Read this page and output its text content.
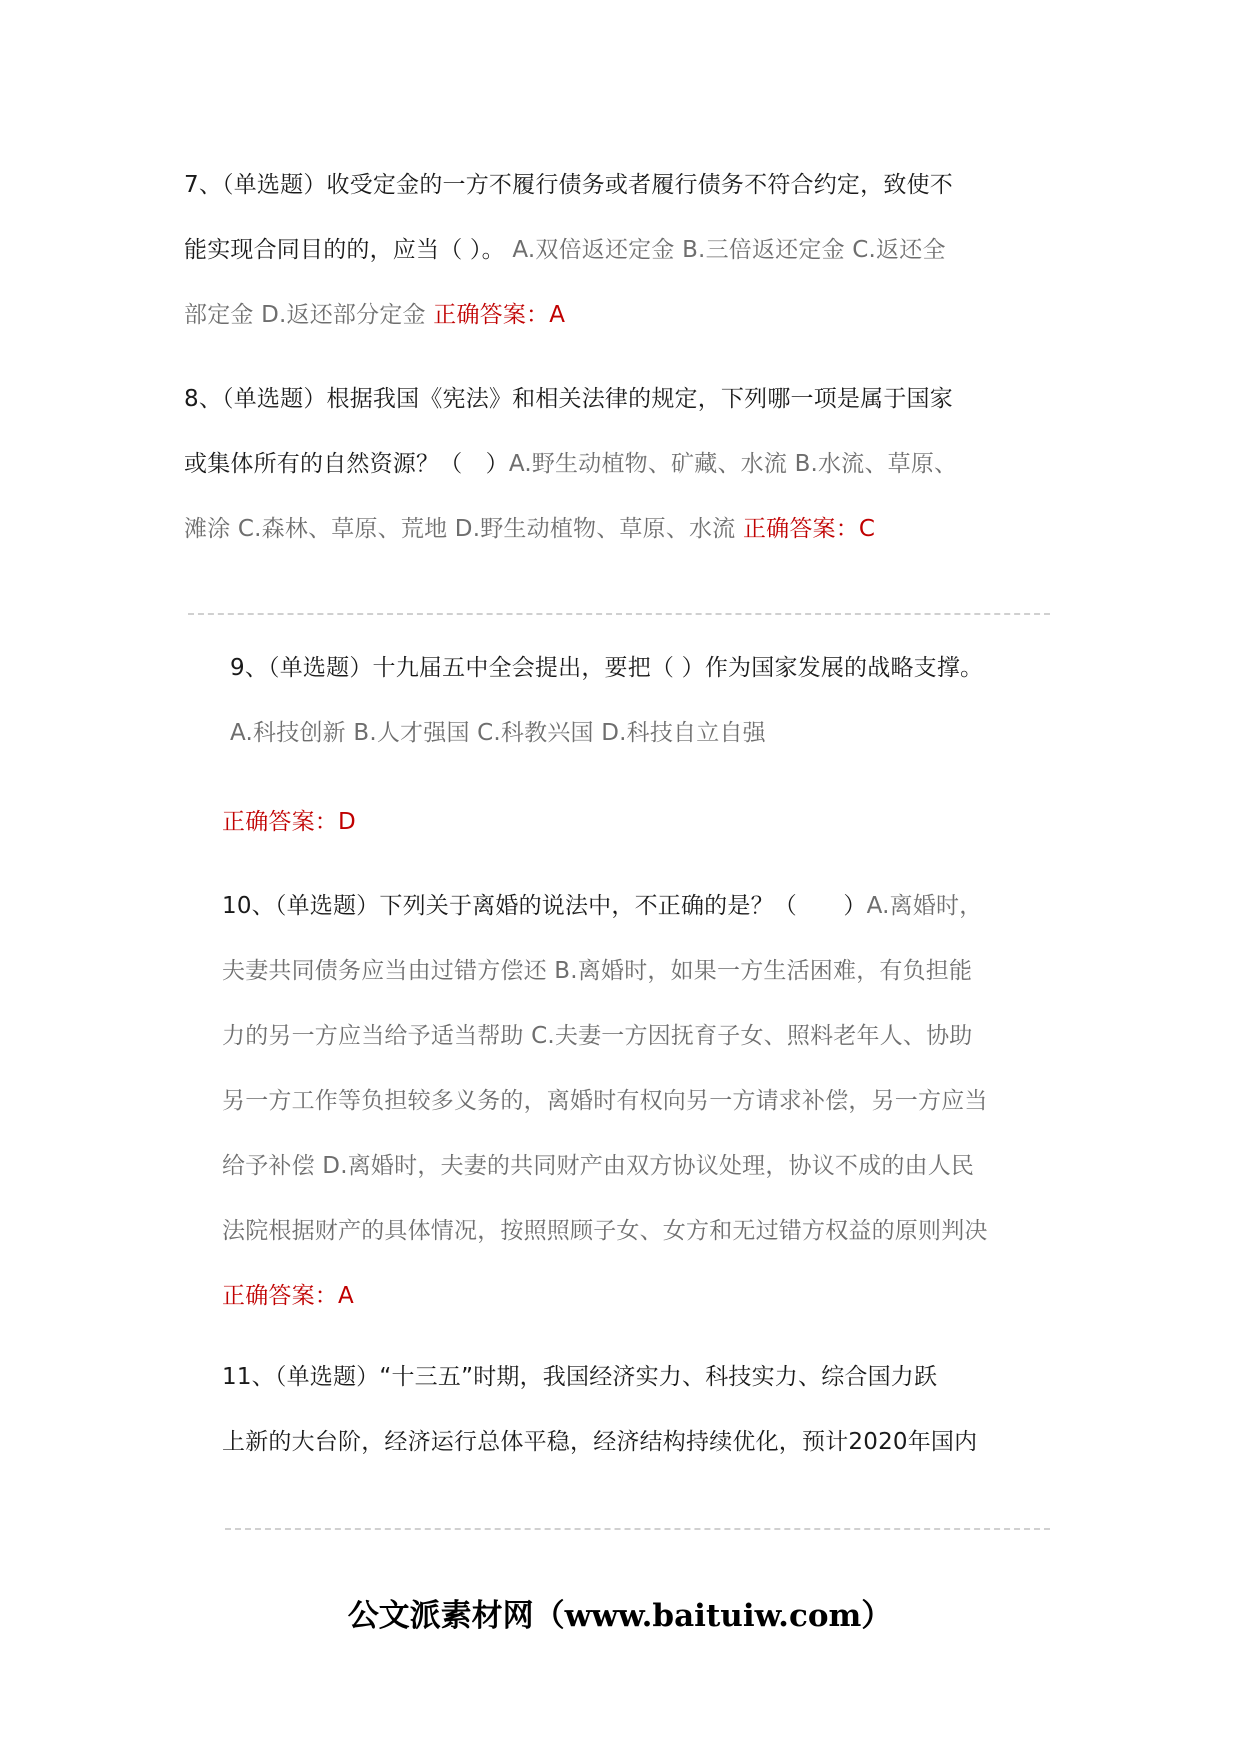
7、（单选题）收受定金的一方不履行债务或者履行债务不符合约定，致使不
能实现合同目的的，应当（ ）。 A.双倍返还定金 B.三倍返还定金 C.返还全
部定金 D.返还部分定金 正确答案：A
8、（单选题）根据我国《宪法》和相关法律的规定，下列哪一项是属于国家
或集体所有的自然资源？（　）A.野生动植物、矿藏、水流 B.水流、草原、
滩涂 C.森林、草原、荒地 D.野生动植物、草原、水流 正确答案：C
9、（单选题）十九届五中全会提出，要把（ ）作为国家发展的战略支撑。
A.科技创新 B.人才强国 C.科教兴国 D.科技自立自强
正确答案：D
10、（单选题）下列关于离婚的说法中，不正确的是？（　　）A.离婚时，
夫妻共同债务应当由过错方偿还 B.离婚时，如果一方生活困难，有负担能
力的另一方应当给予适当帮助 C.夫妻一方因抚育子女、照料老年人、协助
另一方工作等负担较多义务的，离婚时有权向另一方请求补偿，另一方应当
给予补偿 D.离婚时，夫妻的共同财产由双方协议处理，协议不成的由人民
法院根据财产的具体情况，按照照顾子女、女方和无过错方权益的原则判决
正确答案：A
11、（单选题）“十三五”时期，我国经济实力、科技实力、综合国力跃
上新的大台阶，经济运行总体平稳，经济结构持续优化，预计2020年国内
公文派素材网（www.baituiw.com）
